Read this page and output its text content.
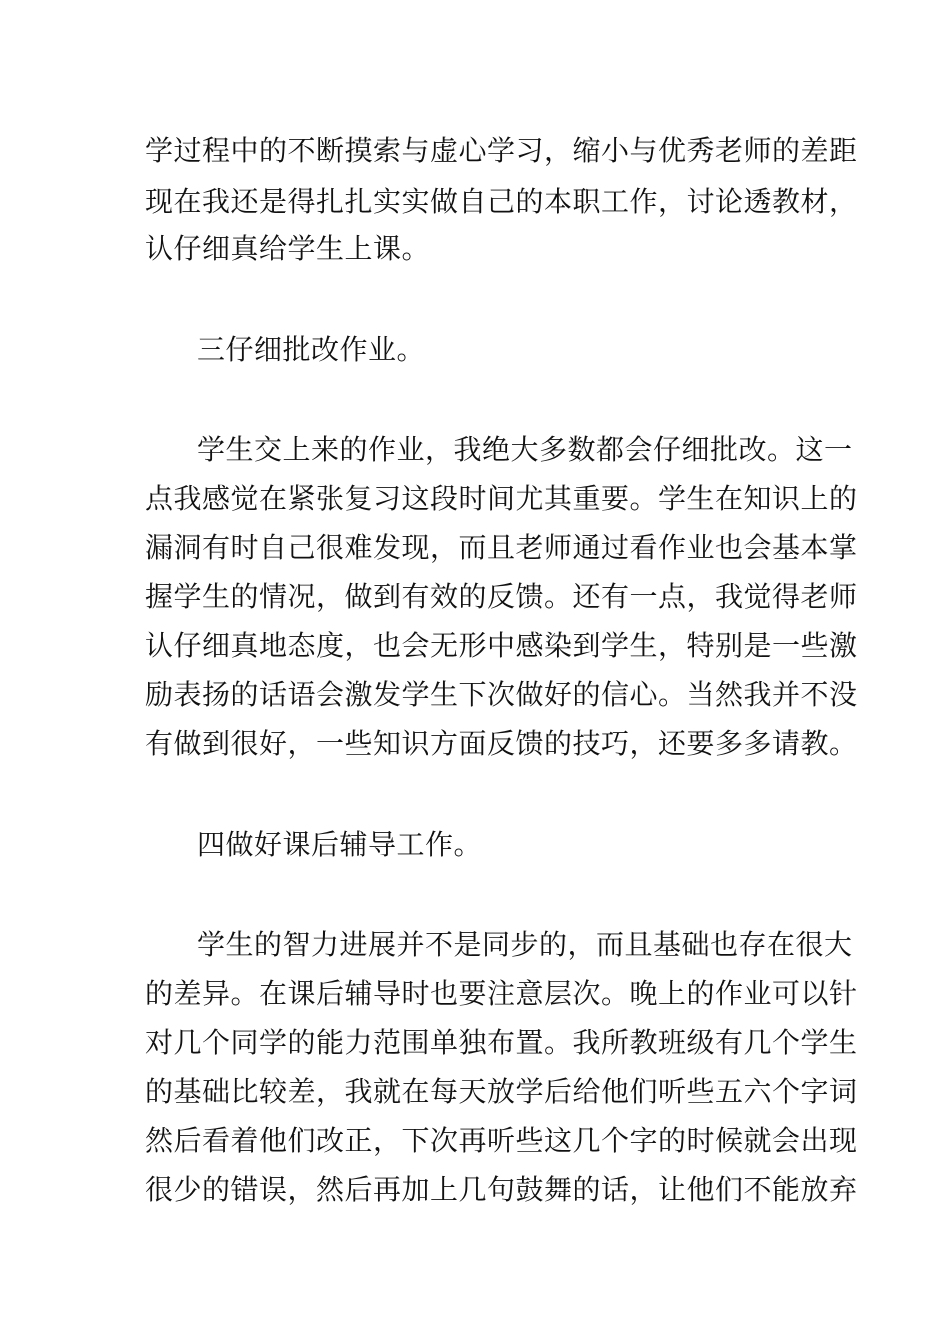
学过程中的不断摸索与虚心学习，缩小与优秀老师的差距
现在我还是得扎扎实实做自己的本职工作，讨论透教材，
认仔细真给学生上课。
三仔细批改作业。
学生交上来的作业，我绝大多数都会仔细批改。这一
点我感觉在紧张复习这段时间尤其重要。学生在知识上的
漏洞有时自己很难发现，而且老师通过看作业也会基本掌
握学生的情况，做到有效的反馈。还有一点，我觉得老师
认仔细真地态度，也会无形中感染到学生，特别是一些激
励表扬的话语会激发学生下次做好的信心。当然我并不没
有做到很好，一些知识方面反馈的技巧，还要多多请教。
四做好课后辅导工作。
学生的智力进展并不是同步的，而且基础也存在很大
的差异。在课后辅导时也要注意层次。晚上的作业可以针
对几个同学的能力范围单独布置。我所教班级有几个学生
的基础比较差，我就在每天放学后给他们听些五六个字词
然后看着他们改正，下次再听些这几个字的时候就会出现
很少的错误，然后再加上几句鼓舞的话，让他们不能放弃
